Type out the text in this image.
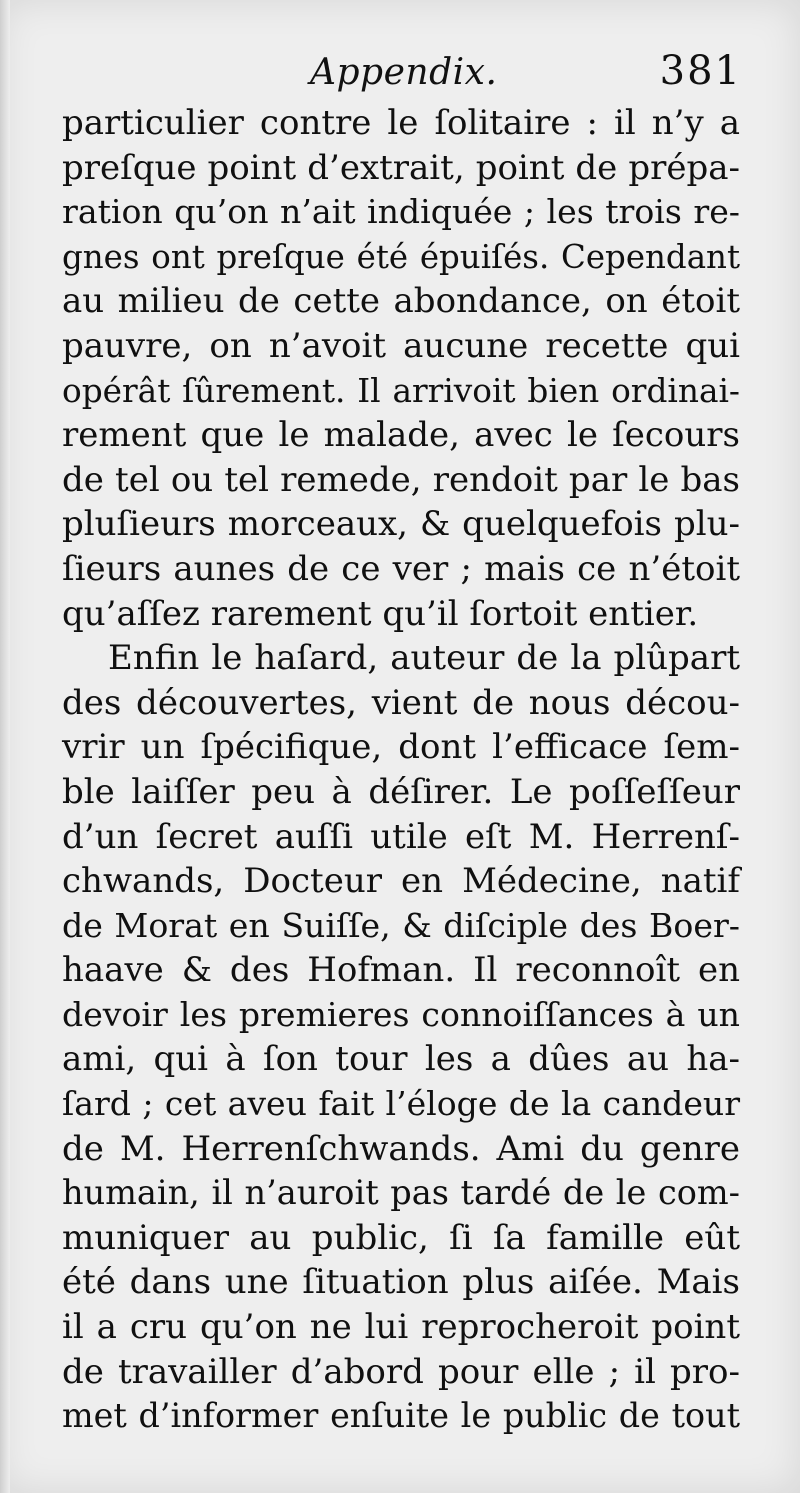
Appendix.	381
particulier contre le ſolitaire : il n’y a
preſque point d’extrait, point de prépa-
ration qu’on n’ait indiquée ; les trois re-
gnes ont preſque été épuiſés. Cependant
au milieu de cette abondance, on étoit
pauvre, on n’avoit aucune recette qui
opérât ſûrement. Il arrivoit bien ordinai-
rement que le malade, avec le ſecours
de tel ou tel remede, rendoit par le bas
pluſieurs morceaux, & quelquefois plu-
ſieurs aunes de ce ver ; mais ce n’étoit
qu’aſſez rarement qu’il ſortoit entier.
Enfin le haſard, auteur de la plûpart
des découvertes, vient de nous décou-
vrir un ſpécifique, dont l’efficace ſem-
ble laiſſer peu à déſirer. Le poſſeſſeur
d’un ſecret auſſi utile eſt M. Herrenſ-
chwands, Docteur en Médecine, natif
de Morat en Suiſſe, & diſciple des Boer-
haave & des Hofman. Il reconnoît en
devoir les premieres connoiſſances à un
ami, qui à ſon tour les a dûes au ha-
ſard ; cet aveu fait l’éloge de la candeur
de M. Herrenſchwands. Ami du genre
humain, il n’auroit pas tardé de le com-
muniquer au public, ſi ſa famille eût
été dans une ſituation plus aiſée. Mais
il a cru qu’on ne lui reprocheroit point
de travailler d’abord pour elle ; il pro-
met d’informer enſuite le public de tout
